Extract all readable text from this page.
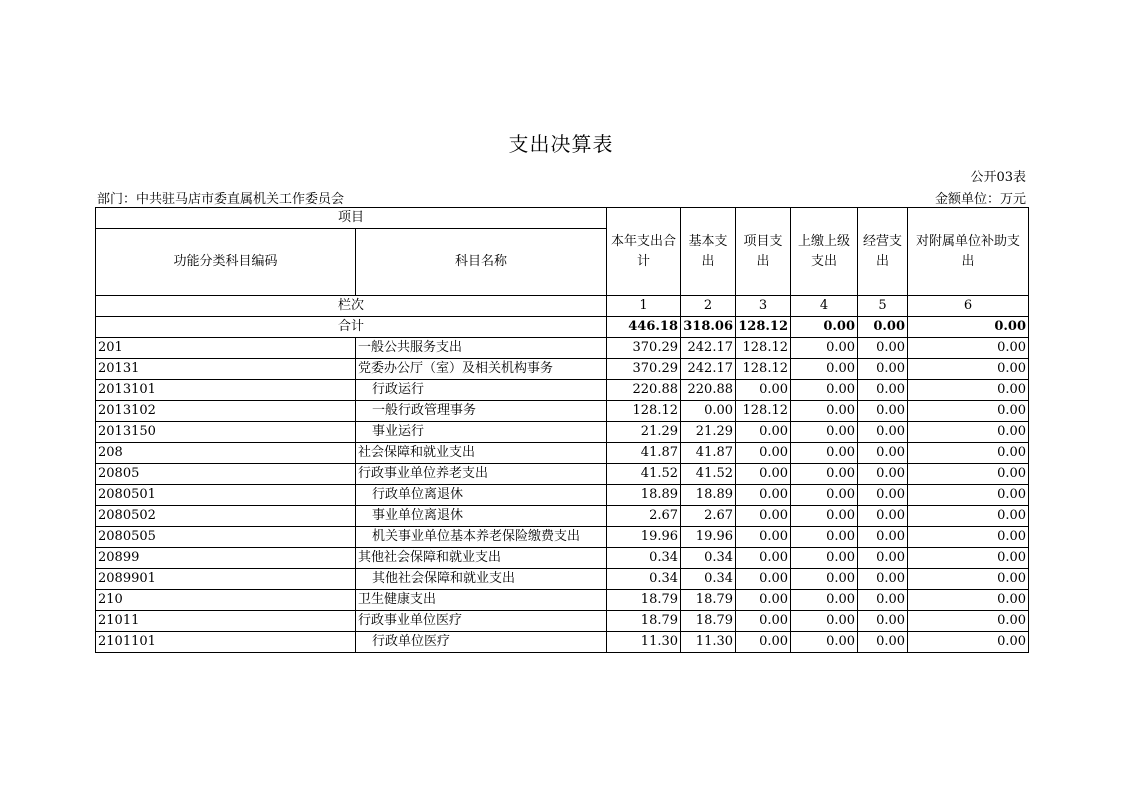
支出决算表
公开03表
部门：中共驻马店市委直属机关工作委员会	金额单位：万元
项目		本年支出合计	基本支出	项目支出	上缴上级支出	经营支出	对附属单位补助支出
功能分类科目编码	科目名称						
栏次		1	2	3	4	5	6
合计		446.18	318.06	128.12	0.00	0.00	0.00
201	一般公共服务支出	370.29	242.17	128.12	0.00	0.00	0.00
20131	党委办公厅（室）及相关机构事务	370.29	242.17	128.12	0.00	0.00	0.00
2013101	行政运行	220.88	220.88	0.00	0.00	0.00	0.00
2013102	一般行政管理事务	128.12	0.00	128.12	0.00	0.00	0.00
2013150	事业运行	21.29	21.29	0.00	0.00	0.00	0.00
208	社会保障和就业支出	41.87	41.87	0.00	0.00	0.00	0.00
20805	行政事业单位养老支出	41.52	41.52	0.00	0.00	0.00	0.00
2080501	行政单位离退休	18.89	18.89	0.00	0.00	0.00	0.00
2080502	事业单位离退休	2.67	2.67	0.00	0.00	0.00	0.00
2080505	机关事业单位基本养老保险缴费支出	19.96	19.96	0.00	0.00	0.00	0.00
20899	其他社会保障和就业支出	0.34	0.34	0.00	0.00	0.00	0.00
2089901	其他社会保障和就业支出	0.34	0.34	0.00	0.00	0.00	0.00
210	卫生健康支出	18.79	18.79	0.00	0.00	0.00	0.00
21011	行政事业单位医疗	18.79	18.79	0.00	0.00	0.00	0.00
2101101	行政单位医疗	11.30	11.30	0.00	0.00	0.00	0.00
